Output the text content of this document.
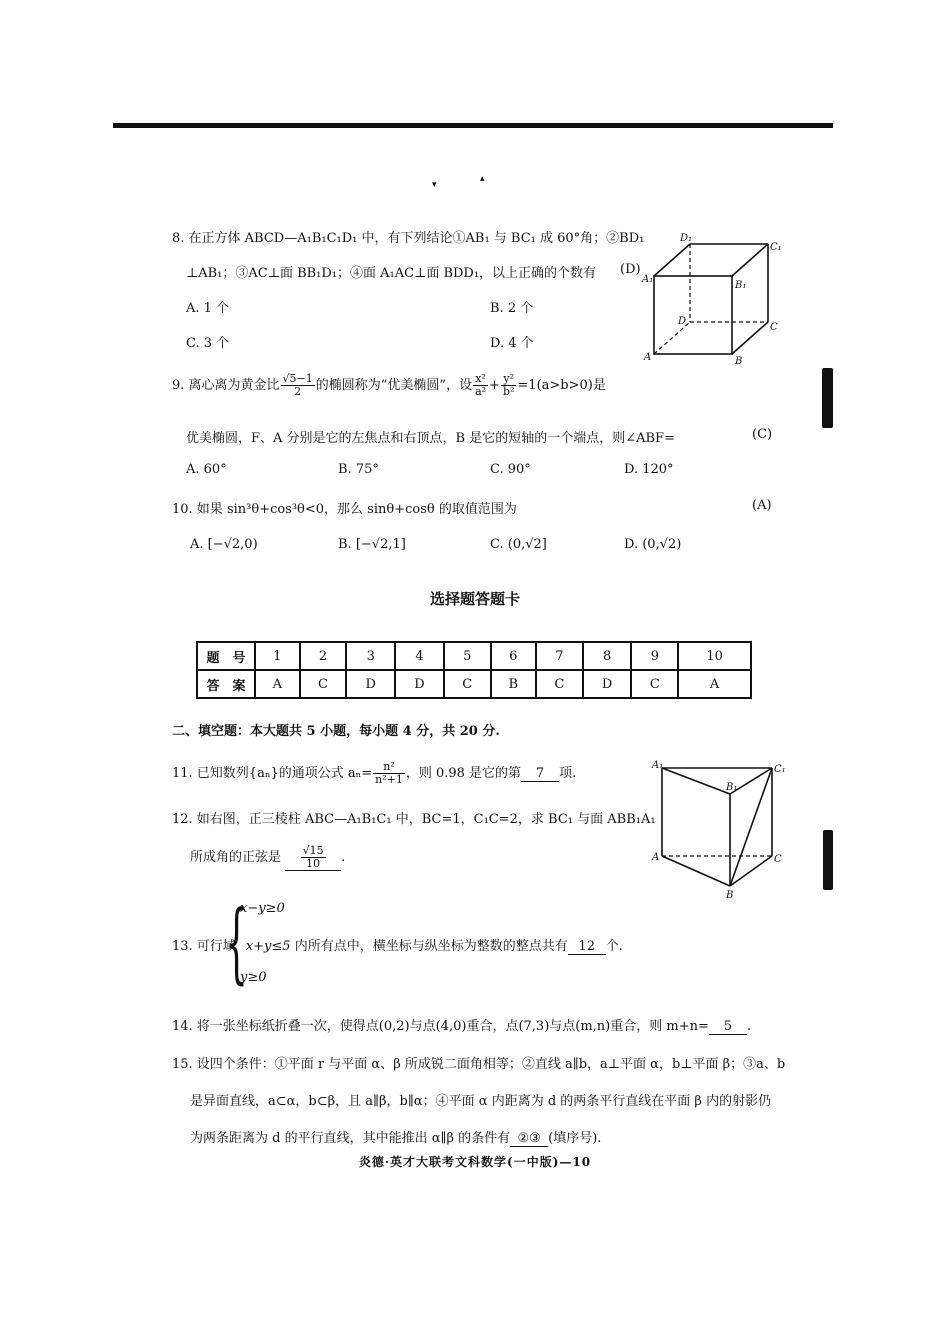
▾
▴
8. 在正方体 ABCD—A₁B₁C₁D₁ 中，有下列结论①AB₁ 与 BC₁ 成 60°角；②BD₁
⊥AB₁；③AC⊥面 BB₁D₁；④面 A₁AC⊥面 BDD₁，以上正确的个数有 (D)
A. 1 个	B. 2 个
C. 3 个	D. 4 个
D₁
C₁
A₁
B₁
D
C
A	B
9. 离心离为黄金比 $\frac{√5-1}{2}$ 的椭圆称为“优美椭圆”，设 $\frac{\text{x²}}{\text{a²}} + \frac{\text{y²}}{\text{b²}} =1(a>b>0)$是
优美椭圆，F、A 分别是它的左焦点和右顶点，B 是它的短轴的一个端点，则∠ABF=	(C)
A. 60°	B. 75°	C. 90°	D. 120°
10. 如果 sin³θ+cos³θ<0，那么 sinθ+cosθ 的取值范围为	(A)
A. [−√2,0)	B. [−√2,1]	C. (0,√2]	D. (0,√2)
选择题答题卡
题　号	1	2	3	4	5	6	7	8	9	10
答　案	A	C	D	D	C	B	C	D	C	A
二、填空题：本大题共 5 小题，每小题 4 分，共 20 分.
11. 已知数列{aₙ}的通项公式 $a_n= \frac{\text{n²}}{\text{n²+1}}$ ，则 0.98 是它的第 7 项.
12. 如右图，正三棱柱 ABC—A₁B₁C₁ 中，BC=1，C₁C=2，求 BC₁ 与面 ABB₁A₁
所成角的正弦是 $\frac{√15}{10}$ .
A₁	C₁
B₁
A	C
B
{
x−y≥0
13. 可行域 x+y≤5 内所有点中，横坐标与纵坐标为整数的整点共有 12 个.
y≥0
14. 将一张坐标纸折叠一次，使得点(0,2)与点(4,0)重合，点(7,3)与点(m,n)重合，则 m+n= 5 .
15. 设四个条件：①平面 r 与平面 α、β 所成锐二面角相等；②直线 a∥b，a⊥平面 α，b⊥平面 β；③a、b
是异面直线，a⊂α，b⊂β，且 a∥β，b∥α；④平面 α 内距离为 d 的两条平行直线在平面 β 内的射影仍
为两条距离为 d 的平行直线，其中能推出 α∥β 的条件有 ②③ (填序号).
炎德·英才大联考文科数学(一中版)—10
